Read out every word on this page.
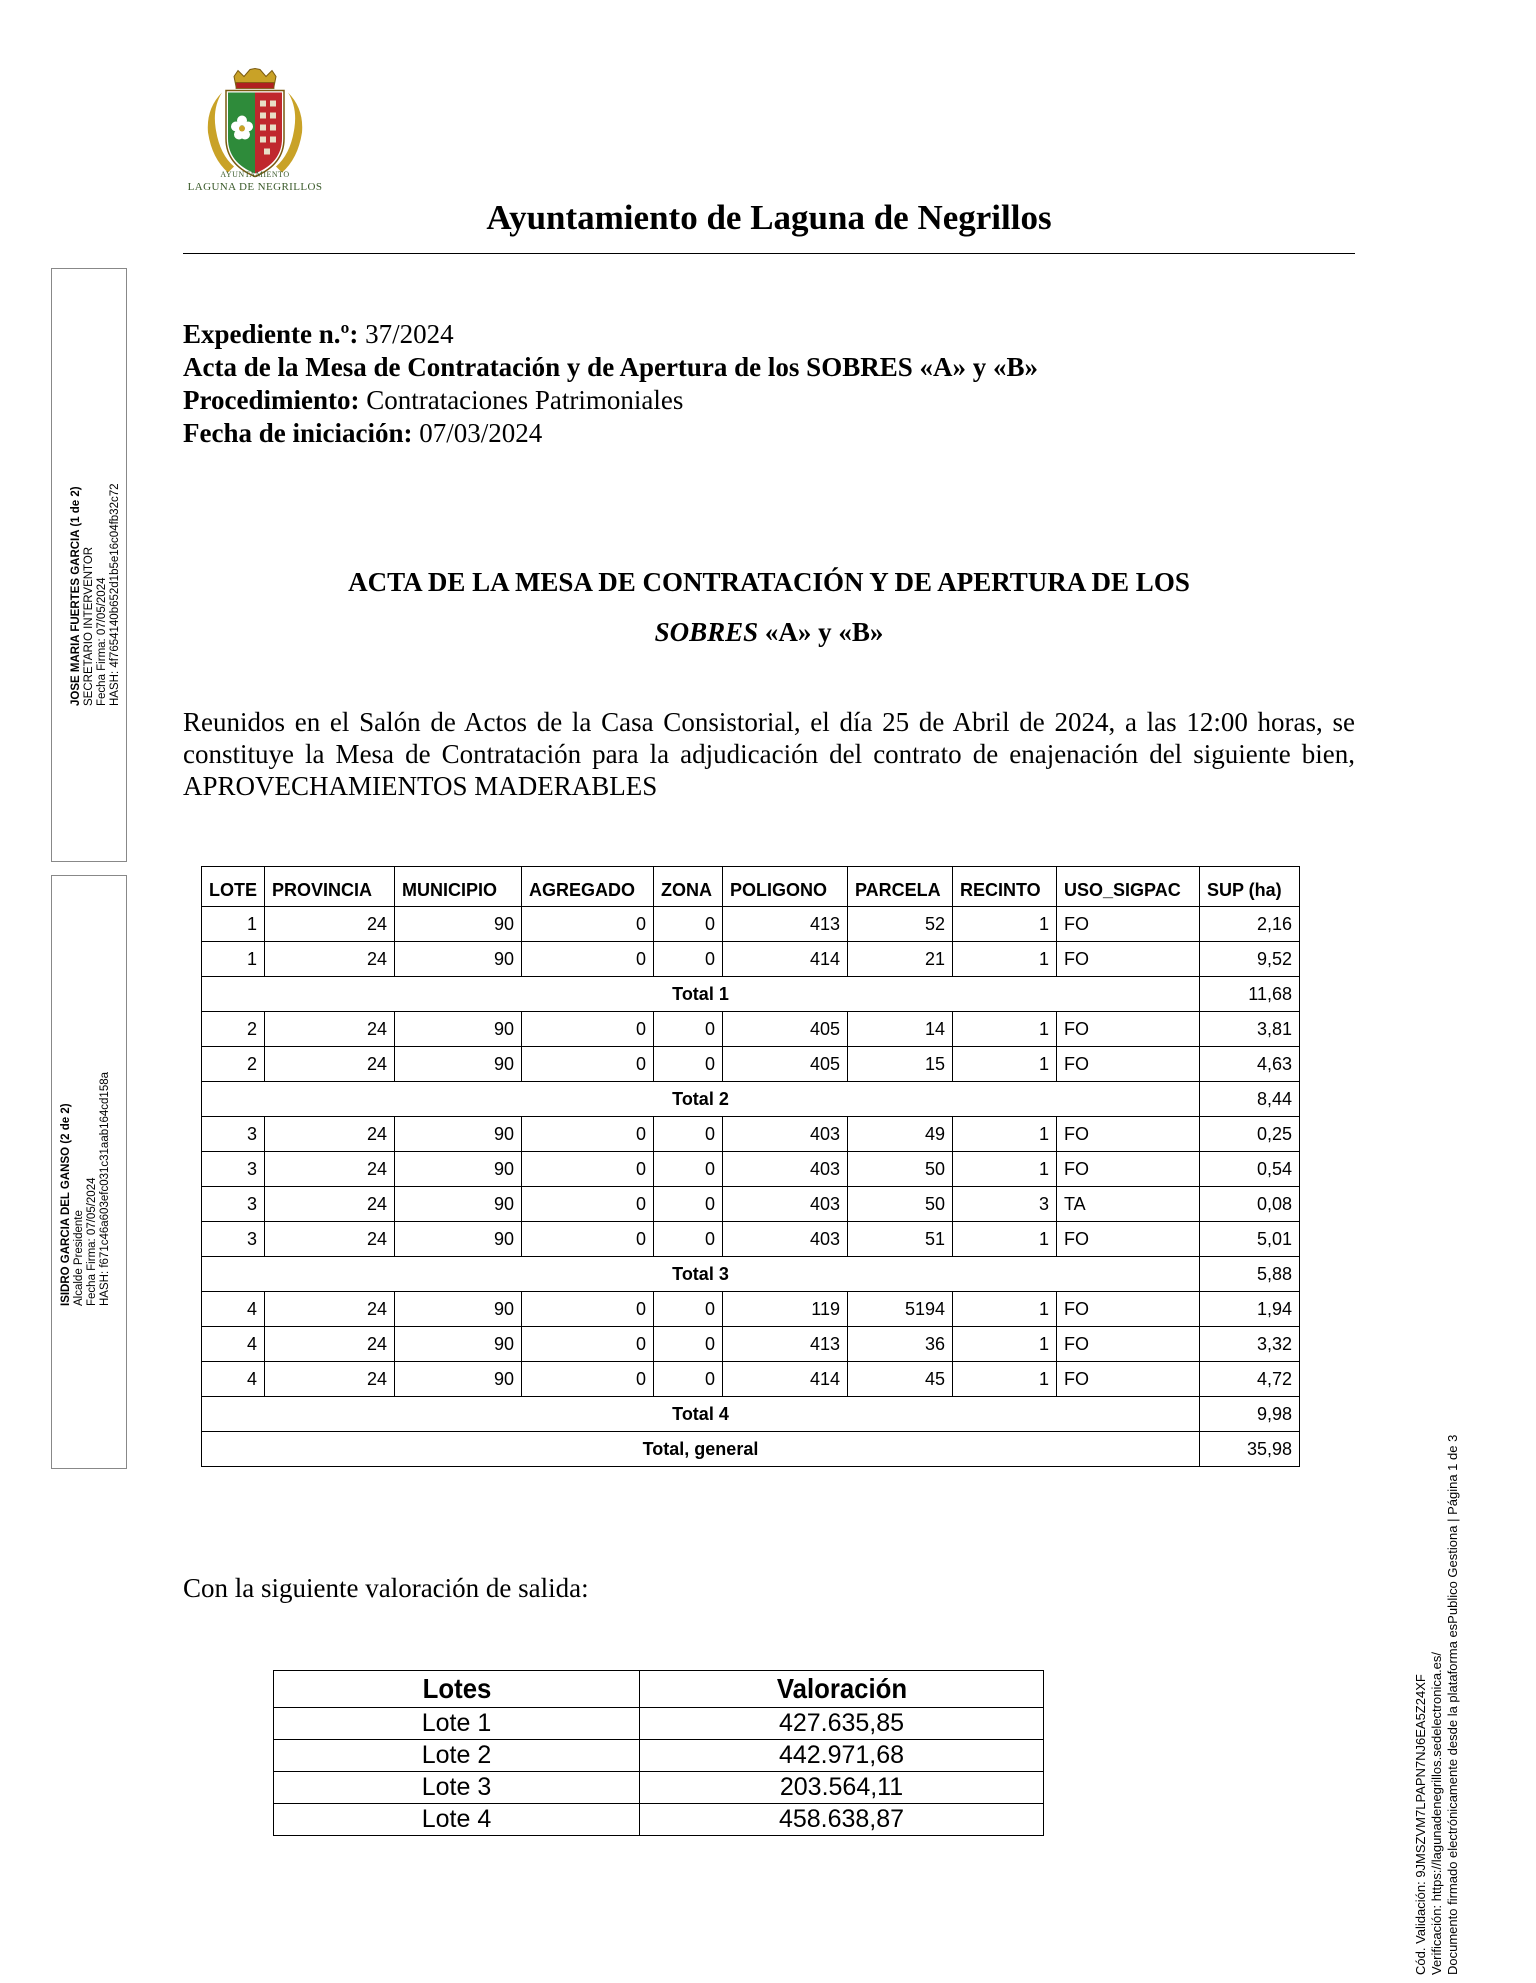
AYUNTAMIENTO
LAGUNA DE NEGRILLOS
Ayuntamiento de Laguna de Negrillos
Expediente n.º: 37/2024
Acta de la Mesa de Contratación y de Apertura de los SOBRES «A» y «B»
Procedimiento: Contrataciones Patrimoniales
Fecha de iniciación: 07/03/2024
ACTA DE LA MESA DE CONTRATACIÓN Y DE APERTURA DE LOS
SOBRES «A» y «B»
Reunidos en el Salón de Actos de la Casa Consistorial, el día 25 de Abril de 2024, a las 12:00 horas, se constituye la Mesa de Contratación para la adjudicación del contrato de enajenación del siguiente bien, APROVECHAMIENTOS MADERABLES
LOTE	PROVINCIA	MUNICIPIO	AGREGADO	ZONA	POLIGONO	PARCELA	RECINTO	USO_SIGPAC	SUP (ha)
1	24	90	0	0	413	52	1	FO	2,16
1	24	90	0	0	414	21	1	FO	9,52
Total 1									11,68
2	24	90	0	0	405	14	1	FO	3,81
2	24	90	0	0	405	15	1	FO	4,63
Total 2									8,44
3	24	90	0	0	403	49	1	FO	0,25
3	24	90	0	0	403	50	1	FO	0,54
3	24	90	0	0	403	50	3	TA	0,08
3	24	90	0	0	403	51	1	FO	5,01
Total 3									5,88
4	24	90	0	0	119	5194	1	FO	1,94
4	24	90	0	0	413	36	1	FO	3,32
4	24	90	0	0	414	45	1	FO	4,72
Total 4									9,98
Total, general									35,98
Con la siguiente valoración de salida:
Lotes	Valoración
Lote 1	427.635,85
Lote 2	442.971,68
Lote 3	203.564,11
Lote 4	458.638,87
JOSE MARIA FUERTES GARCIA (1 de 2)
SECRETARIO INTERVENTOR
Fecha Firma: 07/05/2024
HASH: 4f7654140b652d1b5e16c04fb32c72
ISIDRO GARCIA DEL GANSO (2 de 2)
Alcalde Presidente
Fecha Firma: 07/05/2024
HASH: f671c46a603efc031c31aab164cd158a
Cód. Validación: 9JMSZVM7LPAPN7NJ6EA5Z24XF Verificación: https://lagunadenegrillos.sedelectronica.es/ Documento firmado electrónicamente desde la plataforma esPublico Gestiona | Página 1 de 3
